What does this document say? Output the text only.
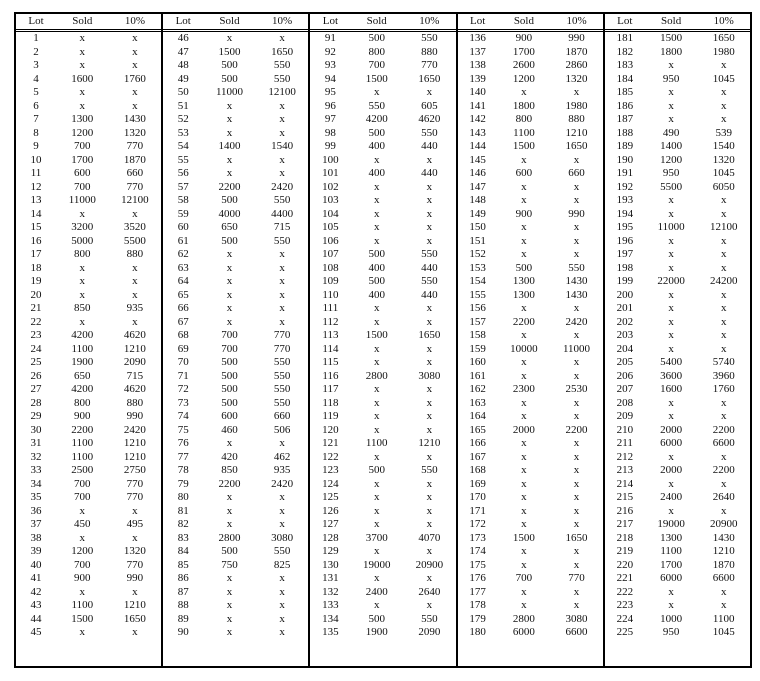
Lot	Sold	10%
1	x	x
2	x	x
3	x	x
4	1600	1760
5	x	x
6	x	x
7	1300	1430
8	1200	1320
9	700	770
10	1700	1870
11	600	660
12	700	770
13	11000	12100
14	x	x
15	3200	3520
16	5000	5500
17	800	880
18	x	x
19	x	x
20	x	x
21	850	935
22	x	x
23	4200	4620
24	1100	1210
25	1900	2090
26	650	715
27	4200	4620
28	800	880
29	900	990
30	2200	2420
31	1100	1210
32	1100	1210
33	2500	2750
34	700	770
35	700	770
36	x	x
37	450	495
38	x	x
39	1200	1320
40	700	770
41	900	990
42	x	x
43	1100	1210
44	1500	1650
45	x	x
Lot	Sold	10%
46	x	x
47	1500	1650
48	500	550
49	500	550
50	11000	12100
51	x	x
52	x	x
53	x	x
54	1400	1540
55	x	x
56	x	x
57	2200	2420
58	500	550
59	4000	4400
60	650	715
61	500	550
62	x	x
63	x	x
64	x	x
65	x	x
66	x	x
67	x	x
68	700	770
69	700	770
70	500	550
71	500	550
72	500	550
73	500	550
74	600	660
75	460	506
76	x	x
77	420	462
78	850	935
79	2200	2420
80	x	x
81	x	x
82	x	x
83	2800	3080
84	500	550
85	750	825
86	x	x
87	x	x
88	x	x
89	x	x
90	x	x
Lot	Sold	10%
91	500	550
92	800	880
93	700	770
94	1500	1650
95	x	x
96	550	605
97	4200	4620
98	500	550
99	400	440
100	x	x
101	400	440
102	x	x
103	x	x
104	x	x
105	x	x
106	x	x
107	500	550
108	400	440
109	500	550
110	400	440
111	x	x
112	x	x
113	1500	1650
114	x	x
115	x	x
116	2800	3080
117	x	x
118	x	x
119	x	x
120	x	x
121	1100	1210
122	x	x
123	500	550
124	x	x
125	x	x
126	x	x
127	x	x
128	3700	4070
129	x	x
130	19000	20900
131	x	x
132	2400	2640
133	x	x
134	500	550
135	1900	2090
Lot	Sold	10%
136	900	990
137	1700	1870
138	2600	2860
139	1200	1320
140	x	x
141	1800	1980
142	800	880
143	1100	1210
144	1500	1650
145	x	x
146	600	660
147	x	x
148	x	x
149	900	990
150	x	x
151	x	x
152	x	x
153	500	550
154	1300	1430
155	1300	1430
156	x	x
157	2200	2420
158	x	x
159	10000	11000
160	x	x
161	x	x
162	2300	2530
163	x	x
164	x	x
165	2000	2200
166	x	x
167	x	x
168	x	x
169	x	x
170	x	x
171	x	x
172	x	x
173	1500	1650
174	x	x
175	x	x
176	700	770
177	x	x
178	x	x
179	2800	3080
180	6000	6600
Lot	Sold	10%
181	1500	1650
182	1800	1980
183	x	x
184	950	1045
185	x	x
186	x	x
187	x	x
188	490	539
189	1400	1540
190	1200	1320
191	950	1045
192	5500	6050
193	x	x
194	x	x
195	11000	12100
196	x	x
197	x	x
198	x	x
199	22000	24200
200	x	x
201	x	x
202	x	x
203	x	x
204	x	x
205	5400	5740
206	3600	3960
207	1600	1760
208	x	x
209	x	x
210	2000	2200
211	6000	6600
212	x	x
213	2000	2200
214	x	x
215	2400	2640
216	x	x
217	19000	20900
218	1300	1430
219	1100	1210
220	1700	1870
221	6000	6600
222	x	x
223	x	x
224	1000	1100
225	950	1045
